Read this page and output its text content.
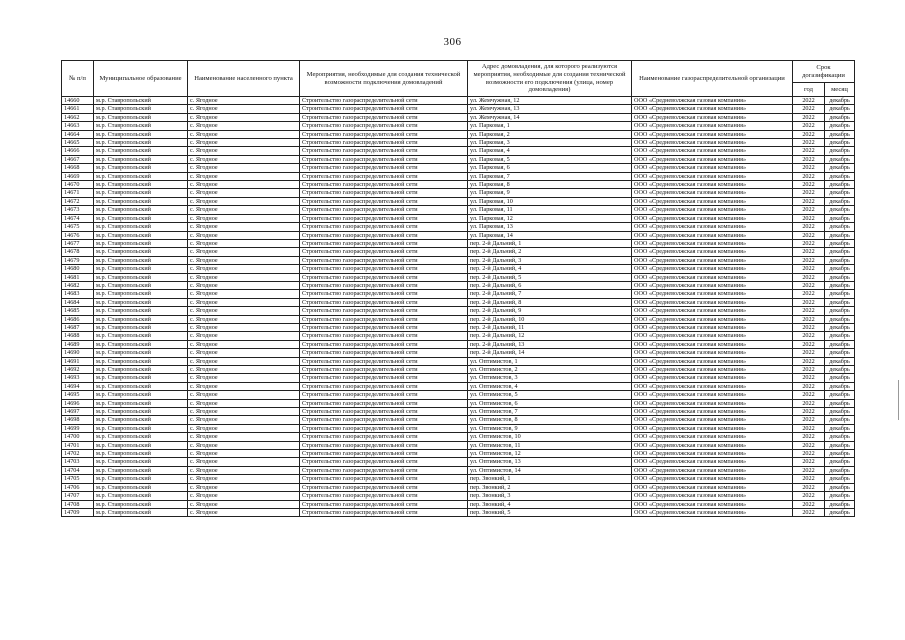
306
№ п/п	Муниципальное образование	Наименование населенного пункта	Мероприятия, необходимые для создания технической возможности подключения домовладений	Адрес домовладения, для которого реализуются мероприятия, необходимые для создания технической возможности его подключения (улица, номер домовладения)	Наименование газораспределительной организации	Срок догазификации	
						год	месяц
14660	м.р. Ставропольский	с. Ягодное	Строительство газораспределительной сети	ул. Жемчужная, 12	ООО «Средневолжская газовая компания»	2022	декабрь
14661	м.р. Ставропольский	с. Ягодное	Строительство газораспределительной сети	ул. Жемчужная, 13	ООО «Средневолжская газовая компания»	2022	декабрь
14662	м.р. Ставропольский	с. Ягодное	Строительство газораспределительной сети	ул. Жемчужная, 14	ООО «Средневолжская газовая компания»	2022	декабрь
14663	м.р. Ставропольский	с. Ягодное	Строительство газораспределительной сети	ул. Парковая, 1	ООО «Средневолжская газовая компания»	2022	декабрь
14664	м.р. Ставропольский	с. Ягодное	Строительство газораспределительной сети	ул. Парковая, 2	ООО «Средневолжская газовая компания»	2022	декабрь
14665	м.р. Ставропольский	с. Ягодное	Строительство газораспределительной сети	ул. Парковая, 3	ООО «Средневолжская газовая компания»	2022	декабрь
14666	м.р. Ставропольский	с. Ягодное	Строительство газораспределительной сети	ул. Парковая, 4	ООО «Средневолжская газовая компания»	2022	декабрь
14667	м.р. Ставропольский	с. Ягодное	Строительство газораспределительной сети	ул. Парковая, 5	ООО «Средневолжская газовая компания»	2022	декабрь
14668	м.р. Ставропольский	с. Ягодное	Строительство газораспределительной сети	ул. Парковая, 6	ООО «Средневолжская газовая компания»	2022	декабрь
14669	м.р. Ставропольский	с. Ягодное	Строительство газораспределительной сети	ул. Парковая, 7	ООО «Средневолжская газовая компания»	2022	декабрь
14670	м.р. Ставропольский	с. Ягодное	Строительство газораспределительной сети	ул. Парковая, 8	ООО «Средневолжская газовая компания»	2022	декабрь
14671	м.р. Ставропольский	с. Ягодное	Строительство газораспределительной сети	ул. Парковая, 9	ООО «Средневолжская газовая компания»	2022	декабрь
14672	м.р. Ставропольский	с. Ягодное	Строительство газораспределительной сети	ул. Парковая, 10	ООО «Средневолжская газовая компания»	2022	декабрь
14673	м.р. Ставропольский	с. Ягодное	Строительство газораспределительной сети	ул. Парковая, 11	ООО «Средневолжская газовая компания»	2022	декабрь
14674	м.р. Ставропольский	с. Ягодное	Строительство газораспределительной сети	ул. Парковая, 12	ООО «Средневолжская газовая компания»	2022	декабрь
14675	м.р. Ставропольский	с. Ягодное	Строительство газораспределительной сети	ул. Парковая, 13	ООО «Средневолжская газовая компания»	2022	декабрь
14676	м.р. Ставропольский	с. Ягодное	Строительство газораспределительной сети	ул. Парковая, 14	ООО «Средневолжская газовая компания»	2022	декабрь
14677	м.р. Ставропольский	с. Ягодное	Строительство газораспределительной сети	пер. 2-й Дальний, 1	ООО «Средневолжская газовая компания»	2022	декабрь
14678	м.р. Ставропольский	с. Ягодное	Строительство газораспределительной сети	пер. 2-й Дальний, 2	ООО «Средневолжская газовая компания»	2022	декабрь
14679	м.р. Ставропольский	с. Ягодное	Строительство газораспределительной сети	пер. 2-й Дальний, 3	ООО «Средневолжская газовая компания»	2022	декабрь
14680	м.р. Ставропольский	с. Ягодное	Строительство газораспределительной сети	пер. 2-й Дальний, 4	ООО «Средневолжская газовая компания»	2022	декабрь
14681	м.р. Ставропольский	с. Ягодное	Строительство газораспределительной сети	пер. 2-й Дальний, 5	ООО «Средневолжская газовая компания»	2022	декабрь
14682	м.р. Ставропольский	с. Ягодное	Строительство газораспределительной сети	пер. 2-й Дальний, 6	ООО «Средневолжская газовая компания»	2022	декабрь
14683	м.р. Ставропольский	с. Ягодное	Строительство газораспределительной сети	пер. 2-й Дальний, 7	ООО «Средневолжская газовая компания»	2022	декабрь
14684	м.р. Ставропольский	с. Ягодное	Строительство газораспределительной сети	пер. 2-й Дальний, 8	ООО «Средневолжская газовая компания»	2022	декабрь
14685	м.р. Ставропольский	с. Ягодное	Строительство газораспределительной сети	пер. 2-й Дальний, 9	ООО «Средневолжская газовая компания»	2022	декабрь
14686	м.р. Ставропольский	с. Ягодное	Строительство газораспределительной сети	пер. 2-й Дальний, 10	ООО «Средневолжская газовая компания»	2022	декабрь
14687	м.р. Ставропольский	с. Ягодное	Строительство газораспределительной сети	пер. 2-й Дальний, 11	ООО «Средневолжская газовая компания»	2022	декабрь
14688	м.р. Ставропольский	с. Ягодное	Строительство газораспределительной сети	пер. 2-й Дальний, 12	ООО «Средневолжская газовая компания»	2022	декабрь
14689	м.р. Ставропольский	с. Ягодное	Строительство газораспределительной сети	пер. 2-й Дальний, 13	ООО «Средневолжская газовая компания»	2022	декабрь
14690	м.р. Ставропольский	с. Ягодное	Строительство газораспределительной сети	пер. 2-й Дальний, 14	ООО «Средневолжская газовая компания»	2022	декабрь
14691	м.р. Ставропольский	с. Ягодное	Строительство газораспределительной сети	ул. Оптимистов, 1	ООО «Средневолжская газовая компания»	2022	декабрь
14692	м.р. Ставропольский	с. Ягодное	Строительство газораспределительной сети	ул. Оптимистов, 2	ООО «Средневолжская газовая компания»	2022	декабрь
14693	м.р. Ставропольский	с. Ягодное	Строительство газораспределительной сети	ул. Оптимистов, 3	ООО «Средневолжская газовая компания»	2022	декабрь
14694	м.р. Ставропольский	с. Ягодное	Строительство газораспределительной сети	ул. Оптимистов, 4	ООО «Средневолжская газовая компания»	2022	декабрь
14695	м.р. Ставропольский	с. Ягодное	Строительство газораспределительной сети	ул. Оптимистов, 5	ООО «Средневолжская газовая компания»	2022	декабрь
14696	м.р. Ставропольский	с. Ягодное	Строительство газораспределительной сети	ул. Оптимистов, 6	ООО «Средневолжская газовая компания»	2022	декабрь
14697	м.р. Ставропольский	с. Ягодное	Строительство газораспределительной сети	ул. Оптимистов, 7	ООО «Средневолжская газовая компания»	2022	декабрь
14698	м.р. Ставропольский	с. Ягодное	Строительство газораспределительной сети	ул. Оптимистов, 8	ООО «Средневолжская газовая компания»	2022	декабрь
14699	м.р. Ставропольский	с. Ягодное	Строительство газораспределительной сети	ул. Оптимистов, 9	ООО «Средневолжская газовая компания»	2022	декабрь
14700	м.р. Ставропольский	с. Ягодное	Строительство газораспределительной сети	ул. Оптимистов, 10	ООО «Средневолжская газовая компания»	2022	декабрь
14701	м.р. Ставропольский	с. Ягодное	Строительство газораспределительной сети	ул. Оптимистов, 11	ООО «Средневолжская газовая компания»	2022	декабрь
14702	м.р. Ставропольский	с. Ягодное	Строительство газораспределительной сети	ул. Оптимистов, 12	ООО «Средневолжская газовая компания»	2022	декабрь
14703	м.р. Ставропольский	с. Ягодное	Строительство газораспределительной сети	ул. Оптимистов, 13	ООО «Средневолжская газовая компания»	2022	декабрь
14704	м.р. Ставропольский	с. Ягодное	Строительство газораспределительной сети	ул. Оптимистов, 14	ООО «Средневолжская газовая компания»	2022	декабрь
14705	м.р. Ставропольский	с. Ягодное	Строительство газораспределительной сети	пер. Звонкий, 1	ООО «Средневолжская газовая компания»	2022	декабрь
14706	м.р. Ставропольский	с. Ягодное	Строительство газораспределительной сети	пер. Звонкий, 2	ООО «Средневолжская газовая компания»	2022	декабрь
14707	м.р. Ставропольский	с. Ягодное	Строительство газораспределительной сети	пер. Звонкий, 3	ООО «Средневолжская газовая компания»	2022	декабрь
14708	м.р. Ставропольский	с. Ягодное	Строительство газораспределительной сети	пер. Звонкий, 4	ООО «Средневолжская газовая компания»	2022	декабрь
14709	м.р. Ставропольский	с. Ягодное	Строительство газораспределительной сети	пер. Звонкий, 5	ООО «Средневолжская газовая компания»	2022	декабрь
